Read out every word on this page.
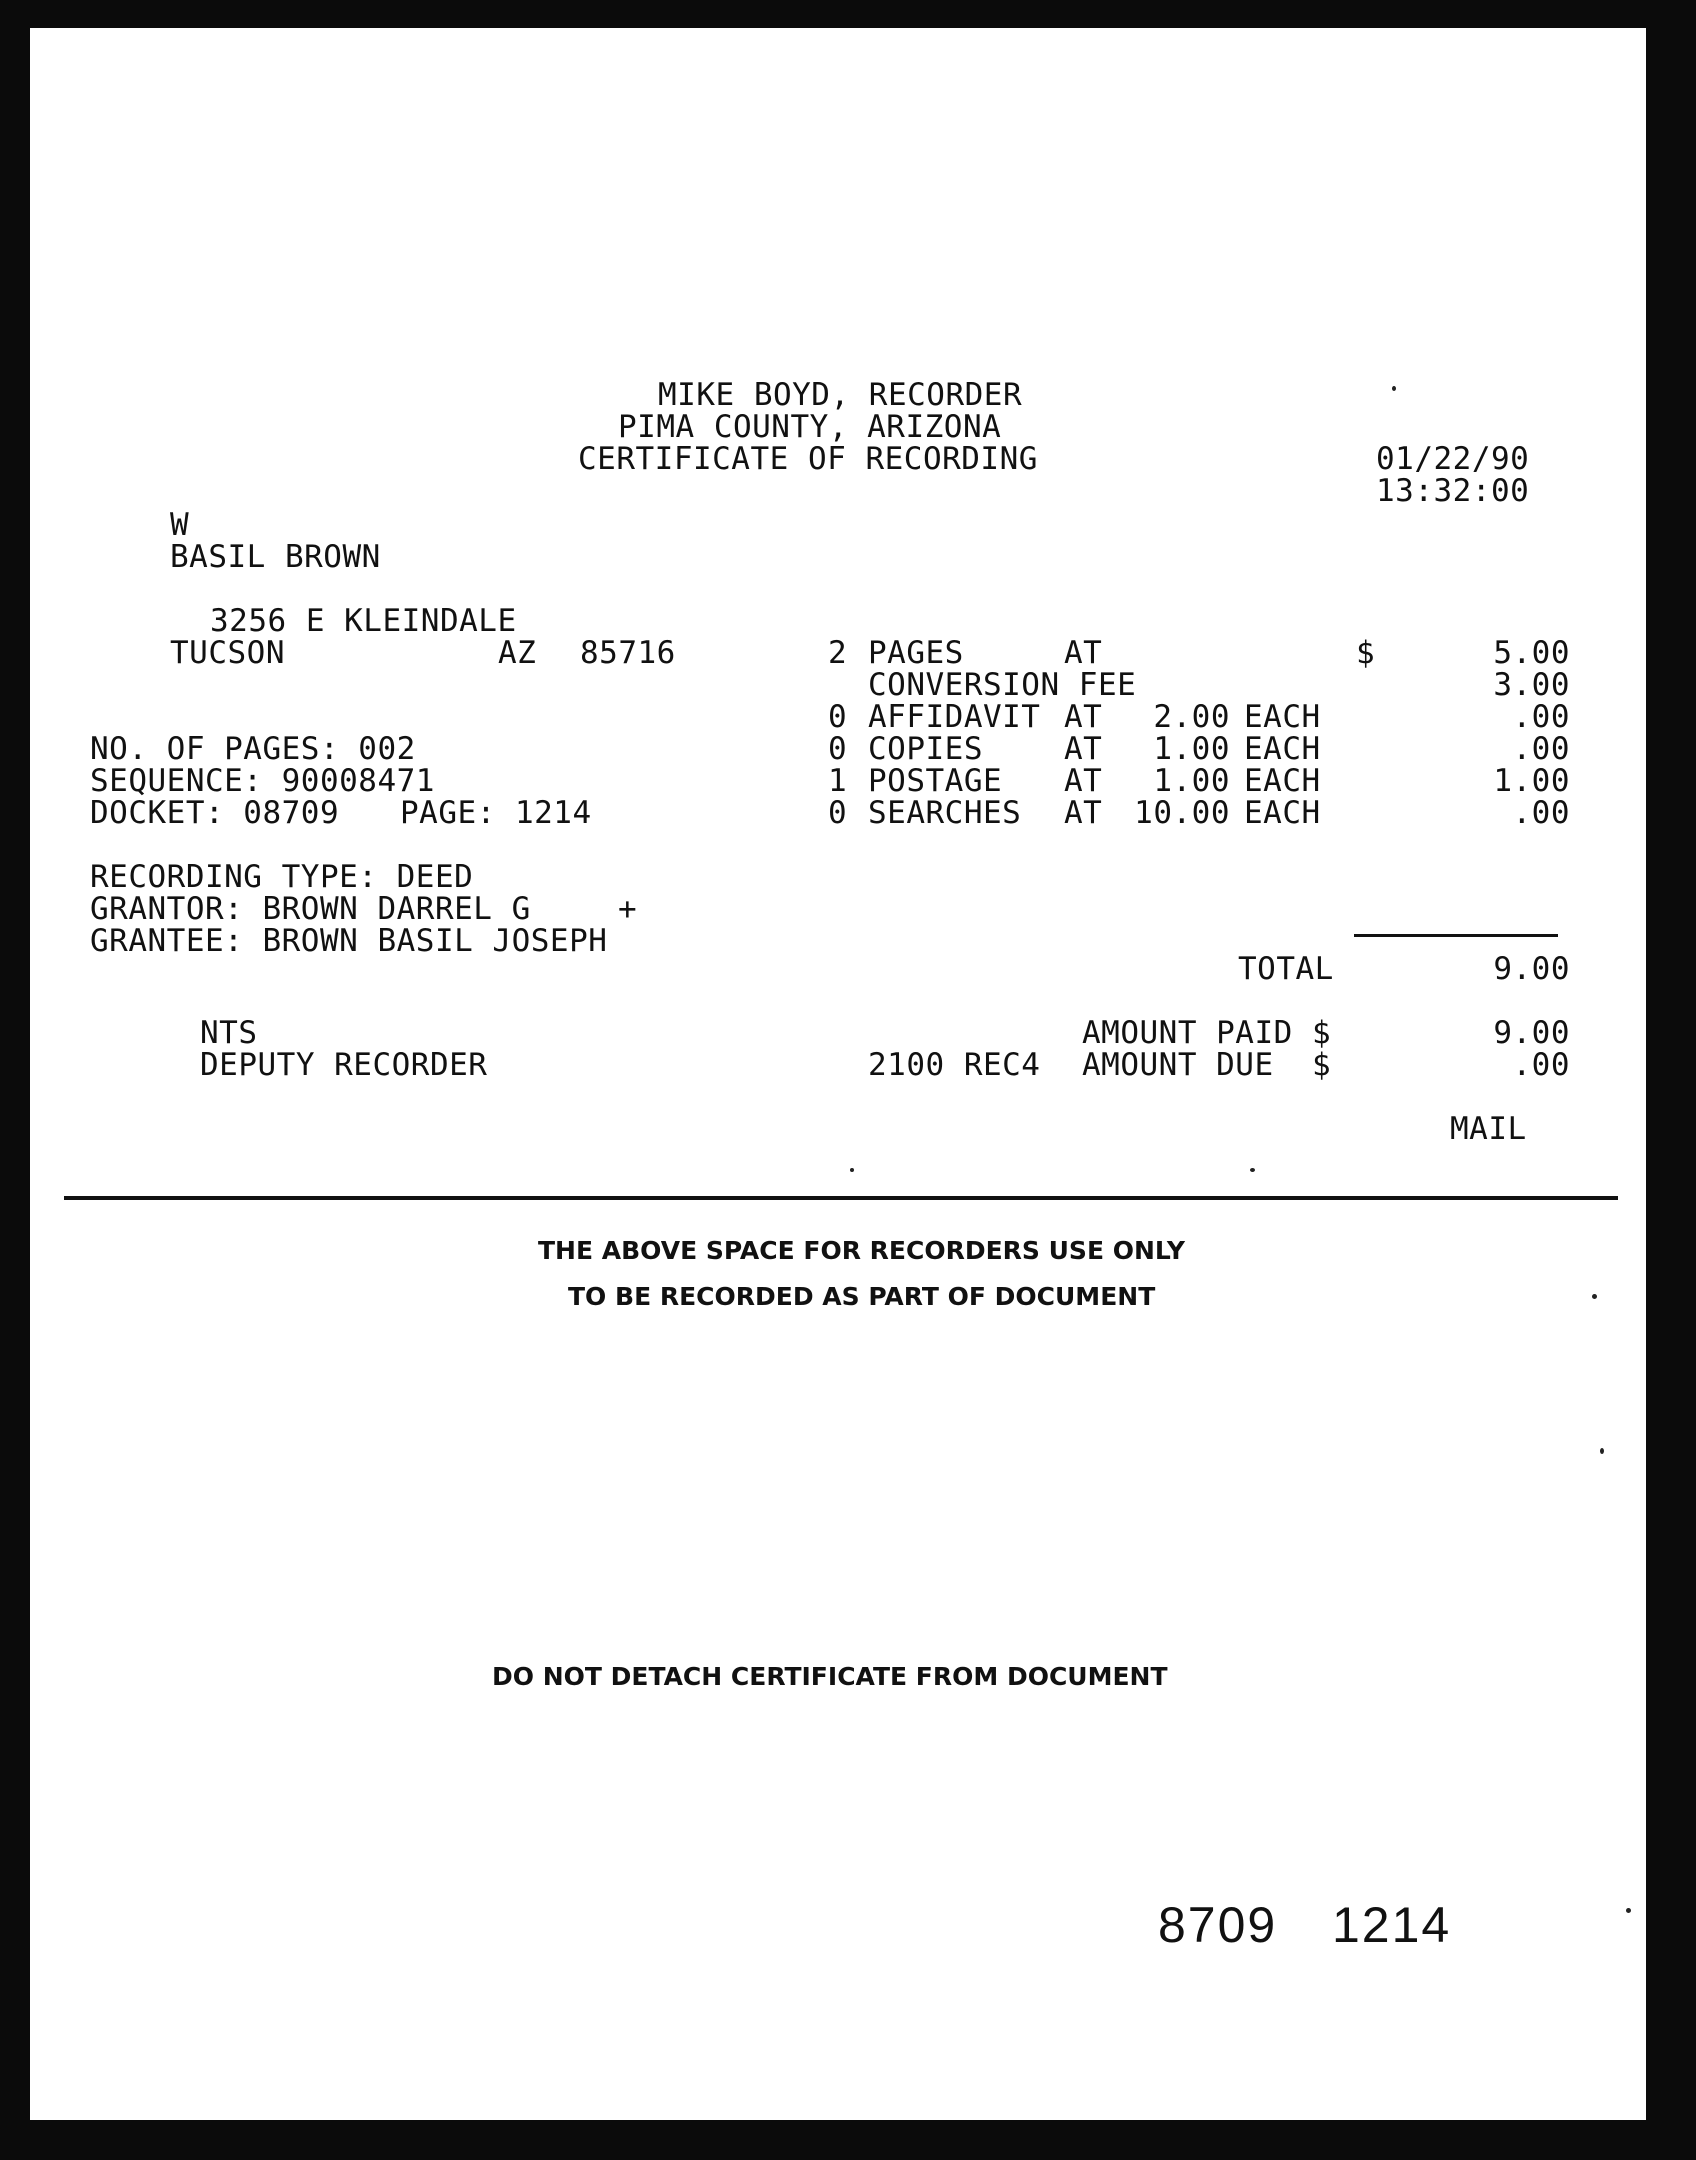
MIKE BOYD, RECORDER
PIMA COUNTY, ARIZONA
CERTIFICATE OF RECORDING	01/22/90
13:32:00
W
BASIL BROWN
3256 E KLEINDALE
TUCSON	AZ 85716
NO. OF PAGES: 002
SEQUENCE: 90008471
DOCKET: 08709 PAGE: 1214
RECORDING TYPE: DEED
GRANTOR: BROWN DARREL G	+
GRANTEE: BROWN BASIL JOSEPH
2 PAGES	AT	$	5.00
CONVERSION FEE	3.00
0 AFFIDAVIT AT	2.00 EACH	.00
0 COPIES	AT	1.00 EACH	.00
1 POSTAGE AT	1.00 EACH	1.00
0 SEARCHES AT	10.00 EACH	.00
TOTAL	9.00
NTS
DEPUTY RECORDER
AMOUNT PAID $	9.00
2100 REC4 AMOUNT DUE  $	.00
MAIL
THE ABOVE SPACE FOR RECORDERS USE ONLY
TO BE RECORDED AS PART OF DOCUMENT
DO NOT DETACH CERTIFICATE FROM DOCUMENT
8709 1214
